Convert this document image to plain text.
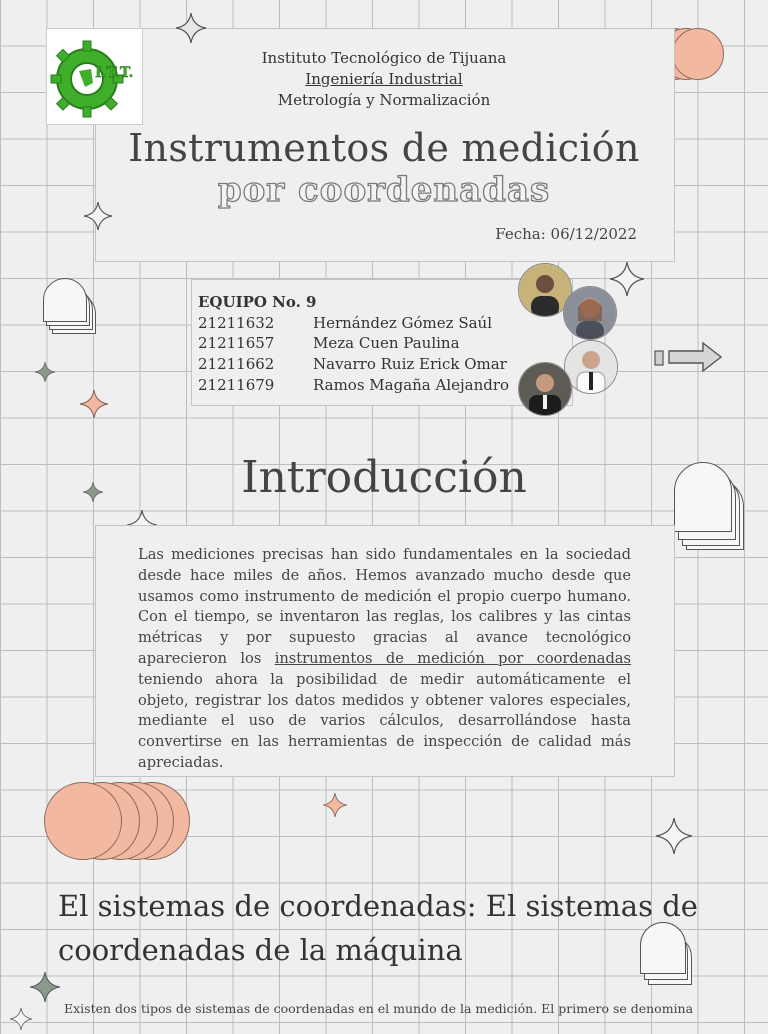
I.T.T.
Instituto Tecnológico de Tijuana
Ingeniería Industrial
Metrología y Normalización
Instrumentos de medición
por coordenadas
Fecha: 06/12/2022
EQUIPO No. 9
21211632	Hernández Gómez Saúl
21211657	Meza Cuen Paulina
21211662	Navarro Ruiz Erick Omar
21211679	Ramos Magaña Alejandro
Introducción
Las mediciones precisas han sido fundamentales en la sociedad desde hace miles de años. Hemos avanzado mucho desde que usamos como instrumento de medición el propio cuerpo humano. Con el tiempo, se inventaron las reglas, los calibres y las cintas métricas y por supuesto gracias al avance tecnológico aparecieron los instrumentos de medición por coordenadas teniendo ahora la posibilidad de medir automáticamente el objeto, registrar los datos medidos y obtener valores especiales, mediante el uso de varios cálculos, desarrollándose hasta convertirse en las herramientas de inspección de calidad más apreciadas.
El sistemas de coordenadas: El sistemas de coordenadas de la máquina
Existen dos tipos de sistemas de coordenadas en el mundo de la medición. El primero se denomina
